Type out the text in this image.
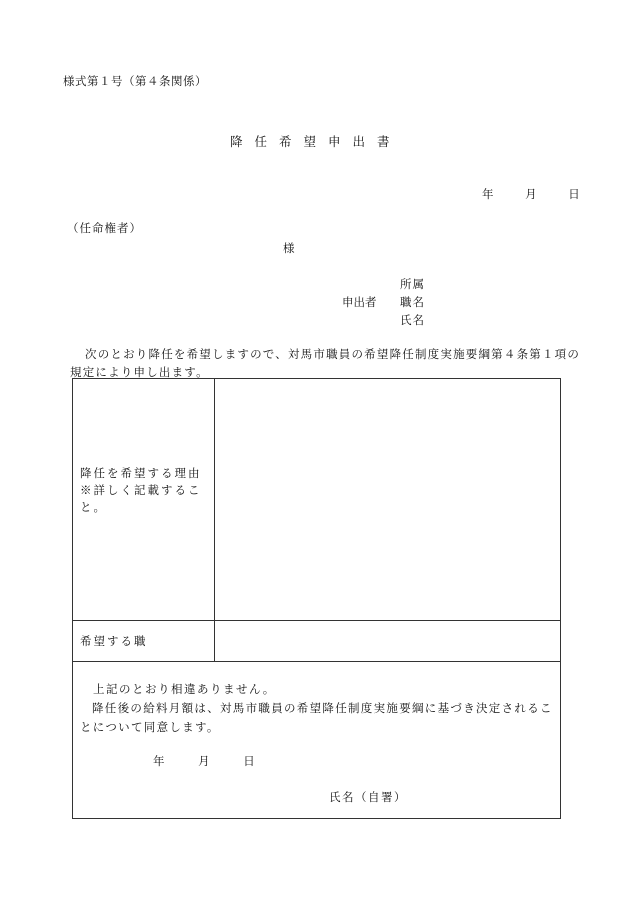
様式第１号（第４条関係）
降任希望申出書
年 月 日
（任命権者）
様
申出者
所属
職名
氏名
次のとおり降任を希望しますので、対馬市職員の希望降任制度実施要綱第４条第１項の規定により申し出ます。
降任を希望する理由 ※詳しく記載すること。
希望する職
上記のとおり相違ありません。
降任後の給料月額は、対馬市職員の希望降任制度実施要綱に基づき決定されることについて同意します。
年 月 日
氏名（自署）
